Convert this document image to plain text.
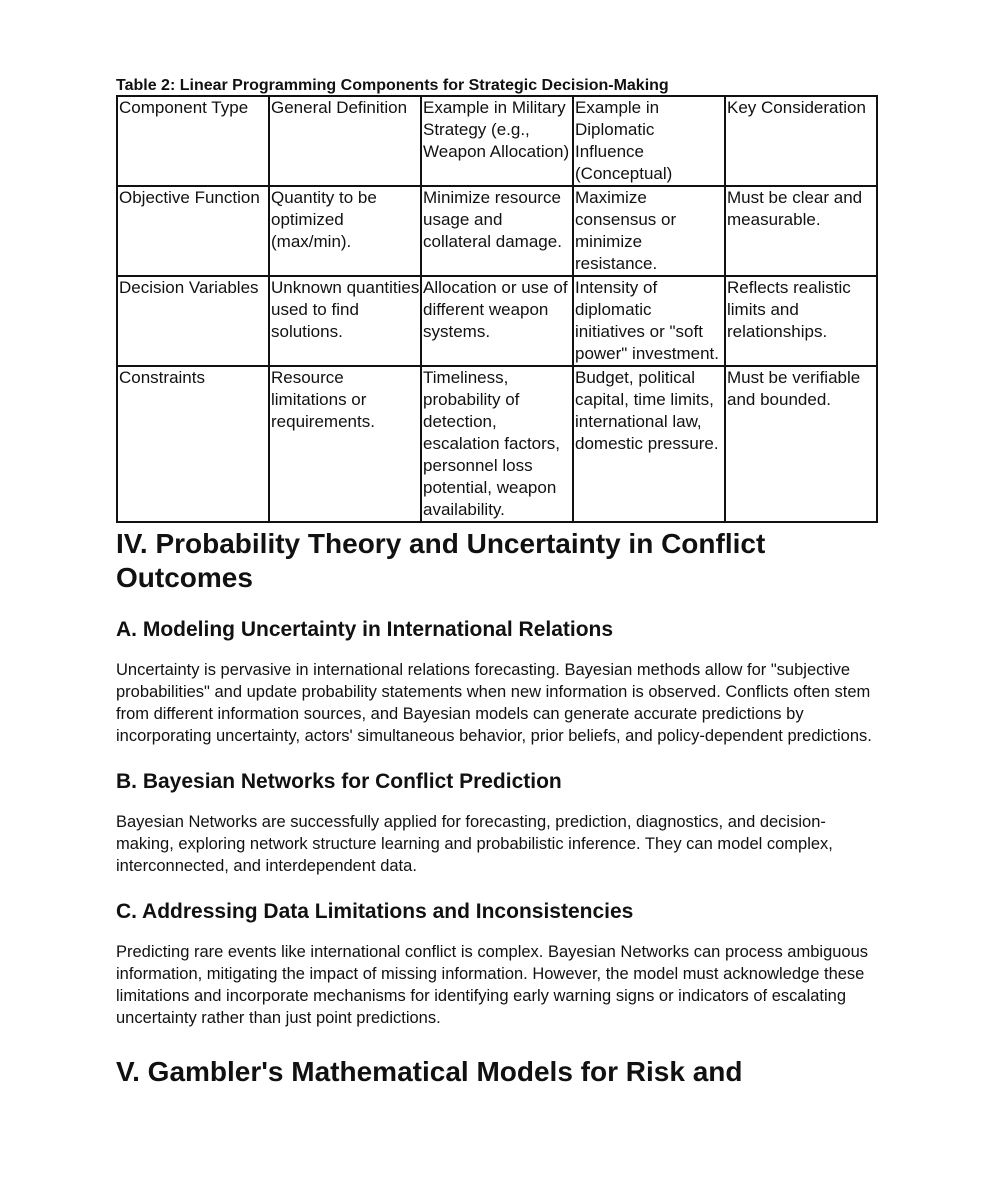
Table 2: Linear Programming Components for Strategic Decision-Making
Component Type	General Definition	Example in Military Strategy (e.g., Weapon Allocation)	Example in Diplomatic Influence (Conceptual)	Key Consideration
Objective Function	Quantity to be optimized (max/min).	Minimize resource usage and collateral damage.	Maximize consensus or minimize resistance.	Must be clear and measurable.
Decision Variables	Unknown quantities used to find solutions.	Allocation or use of different weapon systems.	Intensity of diplomatic initiatives or "soft power" investment.	Reflects realistic limits and relationships.
Constraints	Resource limitations or requirements.	Timeliness, probability of detection, escalation factors, personnel loss potential, weapon availability.	Budget, political capital, time limits, international law, domestic pressure.	Must be verifiable and bounded.
IV. Probability Theory and Uncertainty in Conflict Outcomes
A. Modeling Uncertainty in International Relations

Uncertainty is pervasive in international relations forecasting. Bayesian methods allow for "subjective probabilities" and update probability statements when new information is observed. Conflicts often stem from different information sources, and Bayesian models can generate accurate predictions by incorporating uncertainty, actors' simultaneous behavior, prior beliefs, and policy-dependent predictions.

B. Bayesian Networks for Conflict Prediction

Bayesian Networks are successfully applied for forecasting, prediction, diagnostics, and decision-making, exploring network structure learning and probabilistic inference. They can model complex, interconnected, and interdependent data.

C. Addressing Data Limitations and Inconsistencies

Predicting rare events like international conflict is complex. Bayesian Networks can process ambiguous information, mitigating the impact of missing information. However, the model must acknowledge these limitations and incorporate mechanisms for identifying early warning signs or indicators of escalating uncertainty rather than just point predictions.

V. Gambler's Mathematical Models for Risk and
